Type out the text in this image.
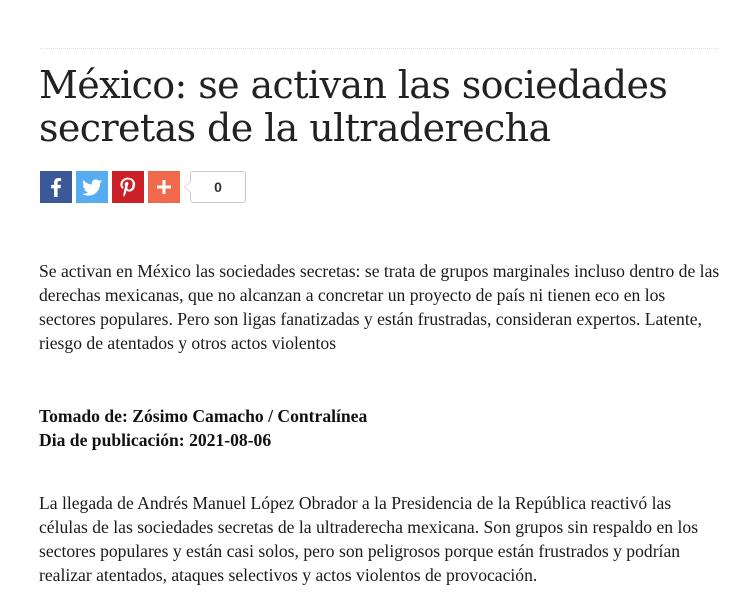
México: se activan las sociedades secretas de la ultraderecha
0

Se activan en México las sociedades secretas: se trata de grupos marginales incluso dentro de las derechas mexicanas, que no alcanzan a concretar un proyecto de país ni tienen eco en los sectores populares. Pero son ligas fanatizadas y están frustradas, consideran expertos. Latente, riesgo de atentados y otros actos violentos

Tomado de: Zósimo Camacho / Contralínea
Dia de publicación: 2021-08-06

La llegada de Andrés Manuel López Obrador a la Presidencia de la República reactivó las células de las sociedades secretas de la ultraderecha mexicana. Son grupos sin respaldo en los sectores populares y están casi solos, pero son peligrosos porque están frustrados y podrían realizar atentados, ataques selectivos y actos violentos de provocación.
